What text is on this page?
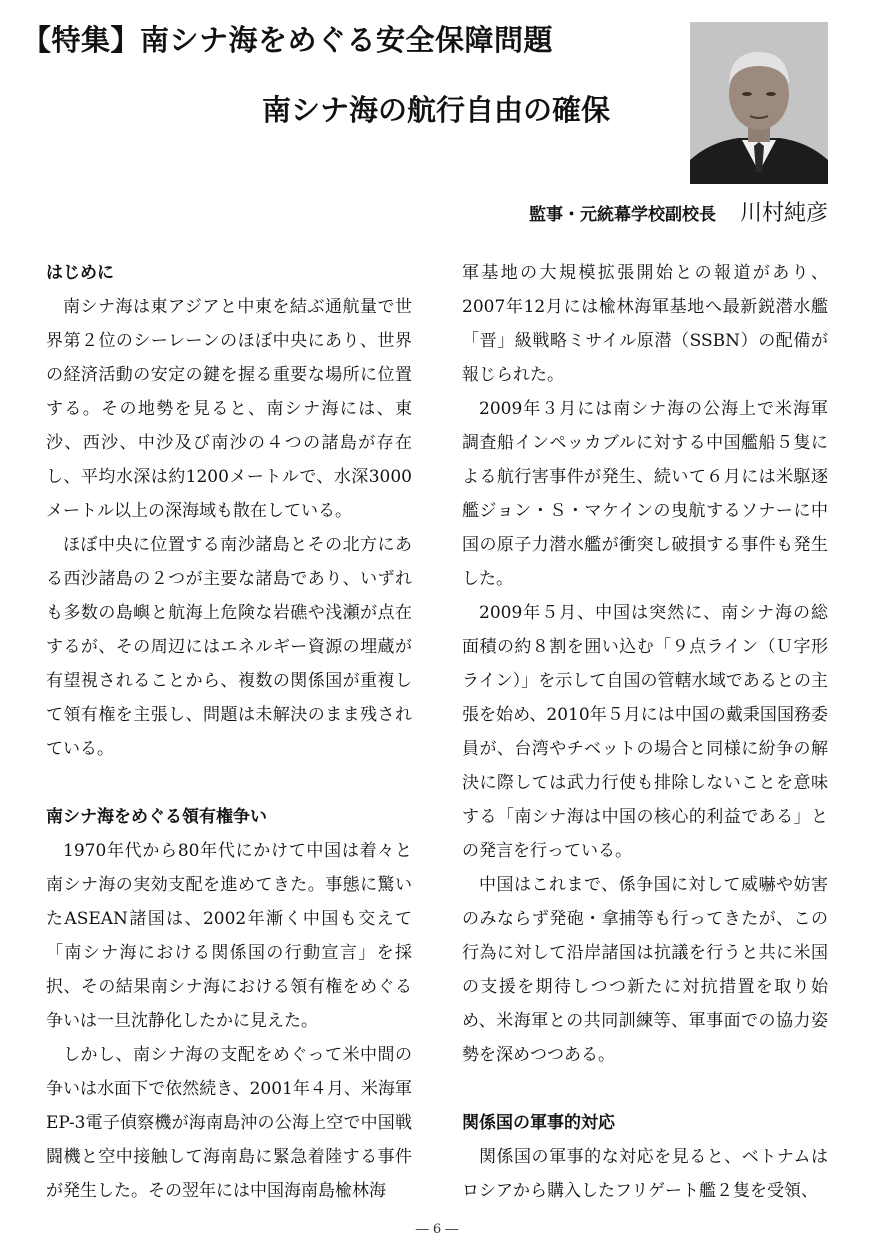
【特集】南シナ海をめぐる安全保障問題
南シナ海の航行自由の確保
監事・元統幕学校副校長 川村純彦
はじめに

南シナ海は東アジアと中東を結ぶ通航量で世界第２位のシーレーンのほぼ中央にあり、世界の経済活動の安定の鍵を握る重要な場所に位置する。その地勢を見ると、南シナ海には、東沙、西沙、中沙及び南沙の４つの諸島が存在し、平均水深は約1200メートルで、水深3000メートル以上の深海域も散在している。

ほぼ中央に位置する南沙諸島とその北方にある西沙諸島の２つが主要な諸島であり、いずれも多数の島嶼と航海上危険な岩礁や浅瀬が点在するが、その周辺にはエネルギー資源の埋蔵が有望視されることから、複数の関係国が重複して領有権を主張し、問題は未解決のまま残されている。

南シナ海をめぐる領有権争い

1970年代から80年代にかけて中国は着々と南シナ海の実効支配を進めてきた。事態に驚いたASEAN諸国は、2002年漸く中国も交えて「南シナ海における関係国の行動宣言」を採択、その結果南シナ海における領有権をめぐる争いは一旦沈静化したかに見えた。

しかし、南シナ海の支配をめぐって米中間の争いは水面下で依然続き、2001年４月、米海軍EP-3電子偵察機が海南島沖の公海上空で中国戦闘機と空中接触して海南島に緊急着陸する事件が発生した。その翌年には中国海南島楡林海

軍基地の大規模拡張開始との報道があり、2007年12月には楡林海軍基地へ最新鋭潜水艦「晋」級戦略ミサイル原潜（SSBN）の配備が報じられた。

2009年３月には南シナ海の公海上で米海軍調査船インペッカブルに対する中国艦船５隻による航行害事件が発生、続いて６月には米駆逐艦ジョン・Ｓ・マケインの曳航するソナーに中国の原子力潜水艦が衝突し破損する事件も発生した。

2009年５月、中国は突然に、南シナ海の総面積の約８割を囲い込む「９点ライン（Ｕ字形ライン）」を示して自国の管轄水域であるとの主張を始め、2010年５月には中国の戴秉国国務委員が、台湾やチベットの場合と同様に紛争の解決に際しては武力行使も排除しないことを意味する「南シナ海は中国の核心的利益である」との発言を行っている。

中国はこれまで、係争国に対して威嚇や妨害のみならず発砲・拿捕等も行ってきたが、この行為に対して沿岸諸国は抗議を行うと共に米国の支援を期待しつつ新たに対抗措置を取り始め、米海軍との共同訓練等、軍事面での協力姿勢を深めつつある。

関係国の軍事的対応

関係国の軍事的な対応を見ると、ベトナムはロシアから購入したフリゲート艦２隻を受領、

― 6 ―
